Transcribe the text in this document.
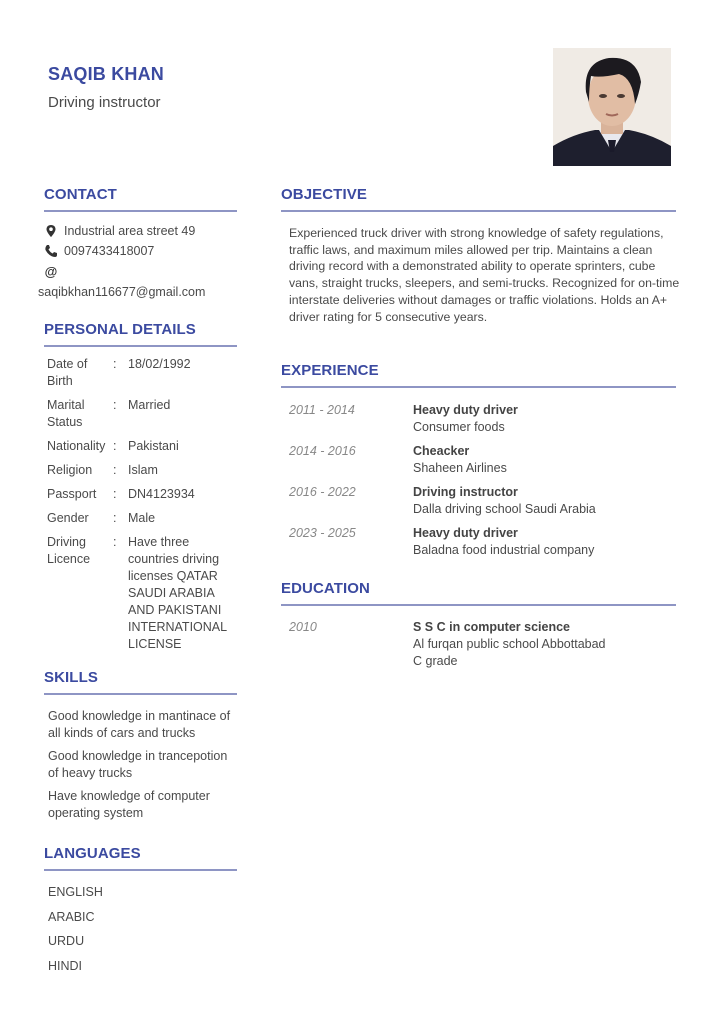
SAQIB KHAN
Driving instructor
CONTACT
Industrial area street 49
0097433418007
@
saqibkhan116677@gmail.com
PERSONAL DETAILS
Date of Birth
: 18/02/1992
Marital Status
: Married
Nationality : Pakistani
Religion	: Islam
Passport	: DN4123934
Gender	: Male
Driving Licence
: Have three countries driving licenses QATAR SAUDI ARABIA AND PAKISTANI INTERNATIONAL LICENSE
SKILLS
Good knowledge in mantinace of all kinds of cars and trucks
Good knowledge in trancepotion of heavy trucks
Have knowledge of computer operating system
LANGUAGES
ENGLISH
ARABIC
URDU
HINDI
OBJECTIVE
Experienced truck driver with strong knowledge of safety regulations, traffic laws, and maximum miles allowed per trip. Maintains a clean driving record with a demonstrated ability to operate sprinters, cube vans, straight trucks, sleepers, and semi-trucks. Recognized for on-time interstate deliveries without damages or traffic violations. Holds an A+ driver rating for 5 consecutive years.
EXPERIENCE
2011 - 2014	Heavy duty driver
Consumer foods
2014 - 2016	Cheacker
Shaheen Airlines
2016 - 2022	Driving instructor
Dalla driving school Saudi Arabia
2023 - 2025	Heavy duty driver
Baladna food industrial company
EDUCATION
2010	S S C in computer science
Al furqan public school Abbottabad
C grade
